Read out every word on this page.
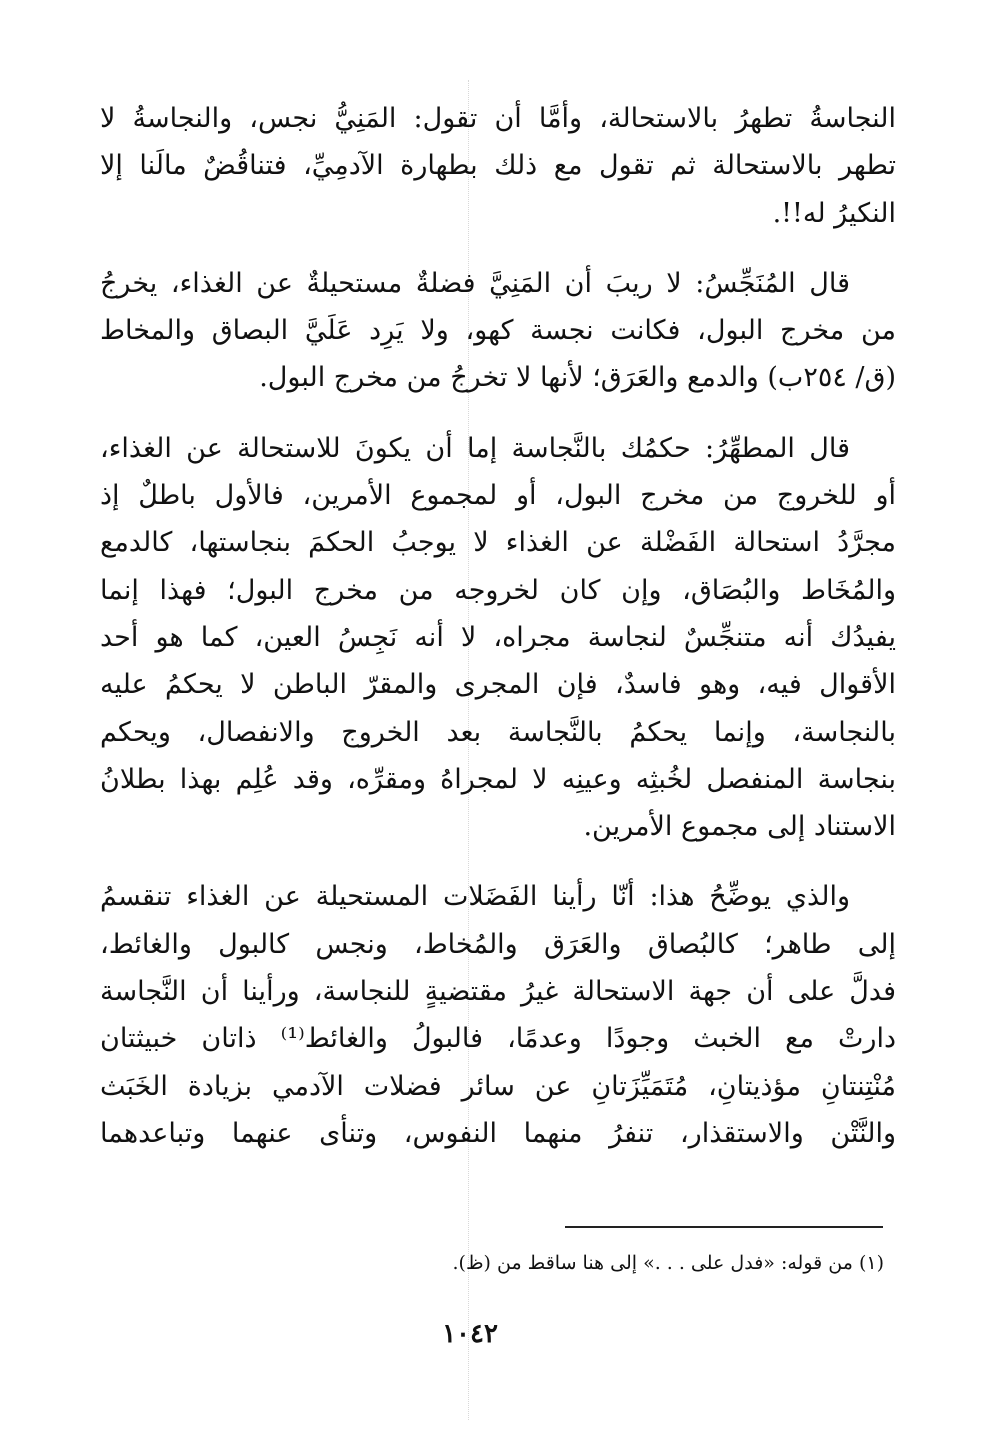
النجاسةُ تطهرُ بالاستحالة، وأمَّا أن تقول: المَنِيُّ نجس، والنجاسةُ لا
تطهر بالاستحالة ثم تقول مع ذلك بطهارة الآدمِيِّ، فتناقُضٌ مالَنا إلا
النكيرُ له!!.

قال المُنَجِّسُ: لا ريبَ أن المَنِيَّ فضلةٌ مستحيلةٌ عن الغذاء، يخرجُ
من مخرج البول، فكانت نجسة كهو، ولا يَرِد عَلَيَّ البصاق والمخاط
(ق/ ٢٥٤ب) والدمع والعَرَق؛ لأنها لا تخرجُ من مخرج البول.

قال المطهِّرُ: حكمُك بالنَّجاسة إما أن يكونَ للاستحالة عن الغذاء،
أو للخروج من مخرج البول، أو لمجموع الأمرين، فالأول باطلٌ إذ
مجرَّدُ استحالة الفَضْلة عن الغذاء لا يوجبُ الحكمَ بنجاستها، كالدمع
والمُخَاط والبُصَاق، وإن كان لخروجه من مخرج البول؛ فهذا إنما
يفيدُك أنه متنجِّسٌ لنجاسة مجراه، لا أنه نَجِسُ العين، كما هو أحد
الأقوال فيه، وهو فاسدٌ، فإن المجرى والمقرّ الباطن لا يحكمُ عليه
بالنجاسة، وإنما يحكمُ بالنَّجاسة بعد الخروج والانفصال، ويحكم
بنجاسة المنفصل لخُبثِه وعينِه لا لمجراهُ ومقرِّه، وقد عُلِم بهذا بطلانُ
الاستناد إلى مجموع الأمرين.

والذي يوضِّحُ هذا: أنّا رأينا الفَضَلات المستحيلة عن الغذاء تنقسمُ
إلى طاهر؛ كالبُصاق والعَرَق والمُخاط، ونجس كالبول والغائط،
فدلَّ على أن جهة الاستحالة غيرُ مقتضيةٍ للنجاسة، ورأينا أن النَّجاسة
دارتْ مع الخبث وجودًا وعدمًا، فالبولُ والغائط⁽¹⁾ ذاتان خبيثتان
مُنْتِنتانِ مؤذيتانِ، مُتَمَيِّزَتانِ عن سائر فضلات الآدمي بزيادة الخَبَث
والنَّتْن والاستقذار، تنفرُ منهما النفوس، وتنأى عنهما وتباعدهما

(١) من قوله: «فدل على . . .» إلى هنا ساقط من (ظ).
١٠٤٢
